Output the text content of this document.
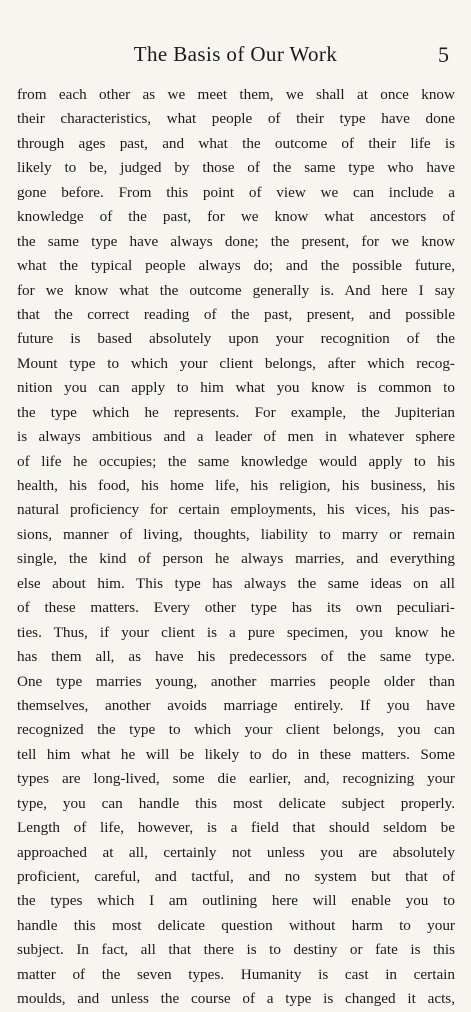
The Basis of Our Work	5
from each other as we meet them, we shall at once know
their characteristics, what people of their type have done
through ages past, and what the outcome of their life is
likely to be, judged by those of the same type who have
gone before. From this point of view we can include a
knowledge of the past, for we know what ancestors of
the same type have always done; the present, for we know
what the typical people always do; and the possible future,
for we know what the outcome generally is. And here I say
that the correct reading of the past, present, and possible
future is based absolutely upon your recognition of the
Mount type to which your client belongs, after which recog-
nition you can apply to him what you know is common to
the type which he represents. For example, the Jupiterian
is always ambitious and a leader of men in whatever sphere
of life he occupies; the same knowledge would apply to his
health, his food, his home life, his religion, his business, his
natural proficiency for certain employments, his vices, his pas-
sions, manner of living, thoughts, liability to marry or remain
single, the kind of person he always marries, and everything
else about him. This type has always the same ideas on all
of these matters. Every other type has its own peculiari-
ties. Thus, if your client is a pure specimen, you know he
has them all, as have his predecessors of the same type.
One type marries young, another marries people older than
themselves, another avoids marriage entirely. If you have
recognized the type to which your client belongs, you can
tell him what he will be likely to do in these matters. Some
types are long-lived, some die earlier, and, recognizing your
type, you can handle this most delicate subject properly.
Length of life, however, is a field that should seldom be
approached at all, certainly not unless you are absolutely
proficient, careful, and tactful, and no system but that of
the types which I am outlining here will enable you to
handle this most delicate question without harm to your
subject. In fact, all that there is to destiny or fate is this
matter of the seven types. Humanity is cast in certain
moulds, and unless the course of a type is changed it acts,
